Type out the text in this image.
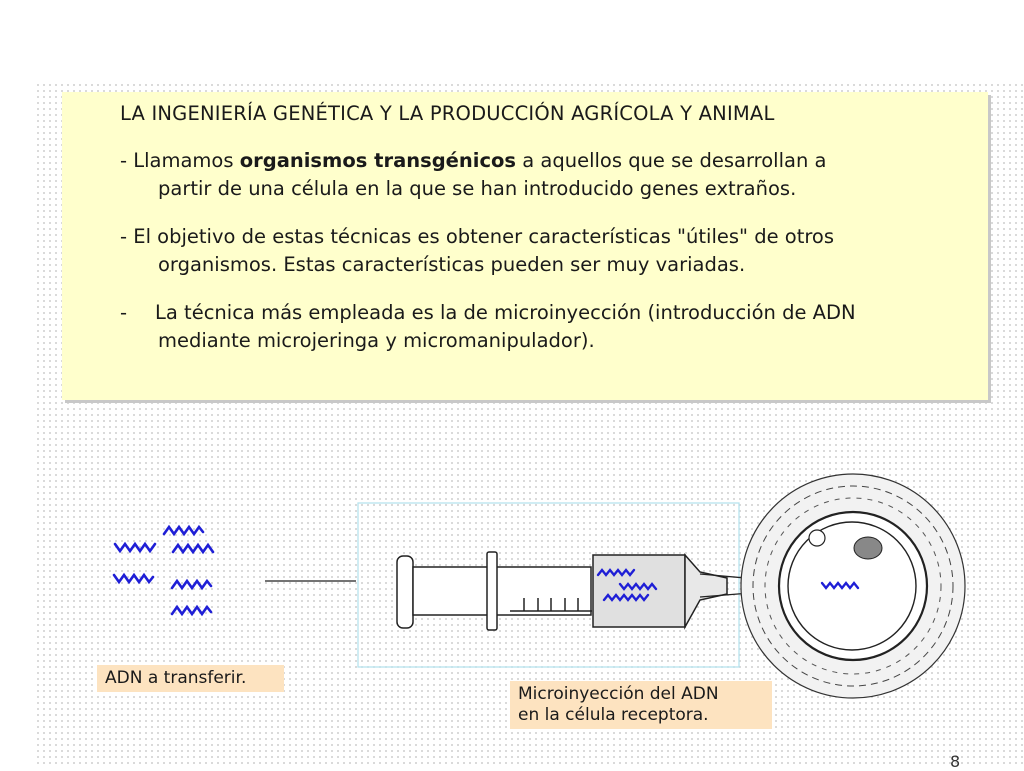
LA INGENIERÍA GENÉTICA Y LA PRODUCCIÓN AGRÍCOLA Y ANIMAL

- Llamamos organismos transgénicos a aquellos que se desarrollan a
partir de una célula en la que se han introducido genes extraños.

- El objetivo de estas técnicas es obtener características "útiles" de otros
organismos. Estas características pueden ser muy variadas.

- La técnica más empleada es la de microinyección (introducción de ADN
mediante microjeringa y micromanipulador).

ADN a transferir.
Microinyección del ADN
en la célula receptora.
8
